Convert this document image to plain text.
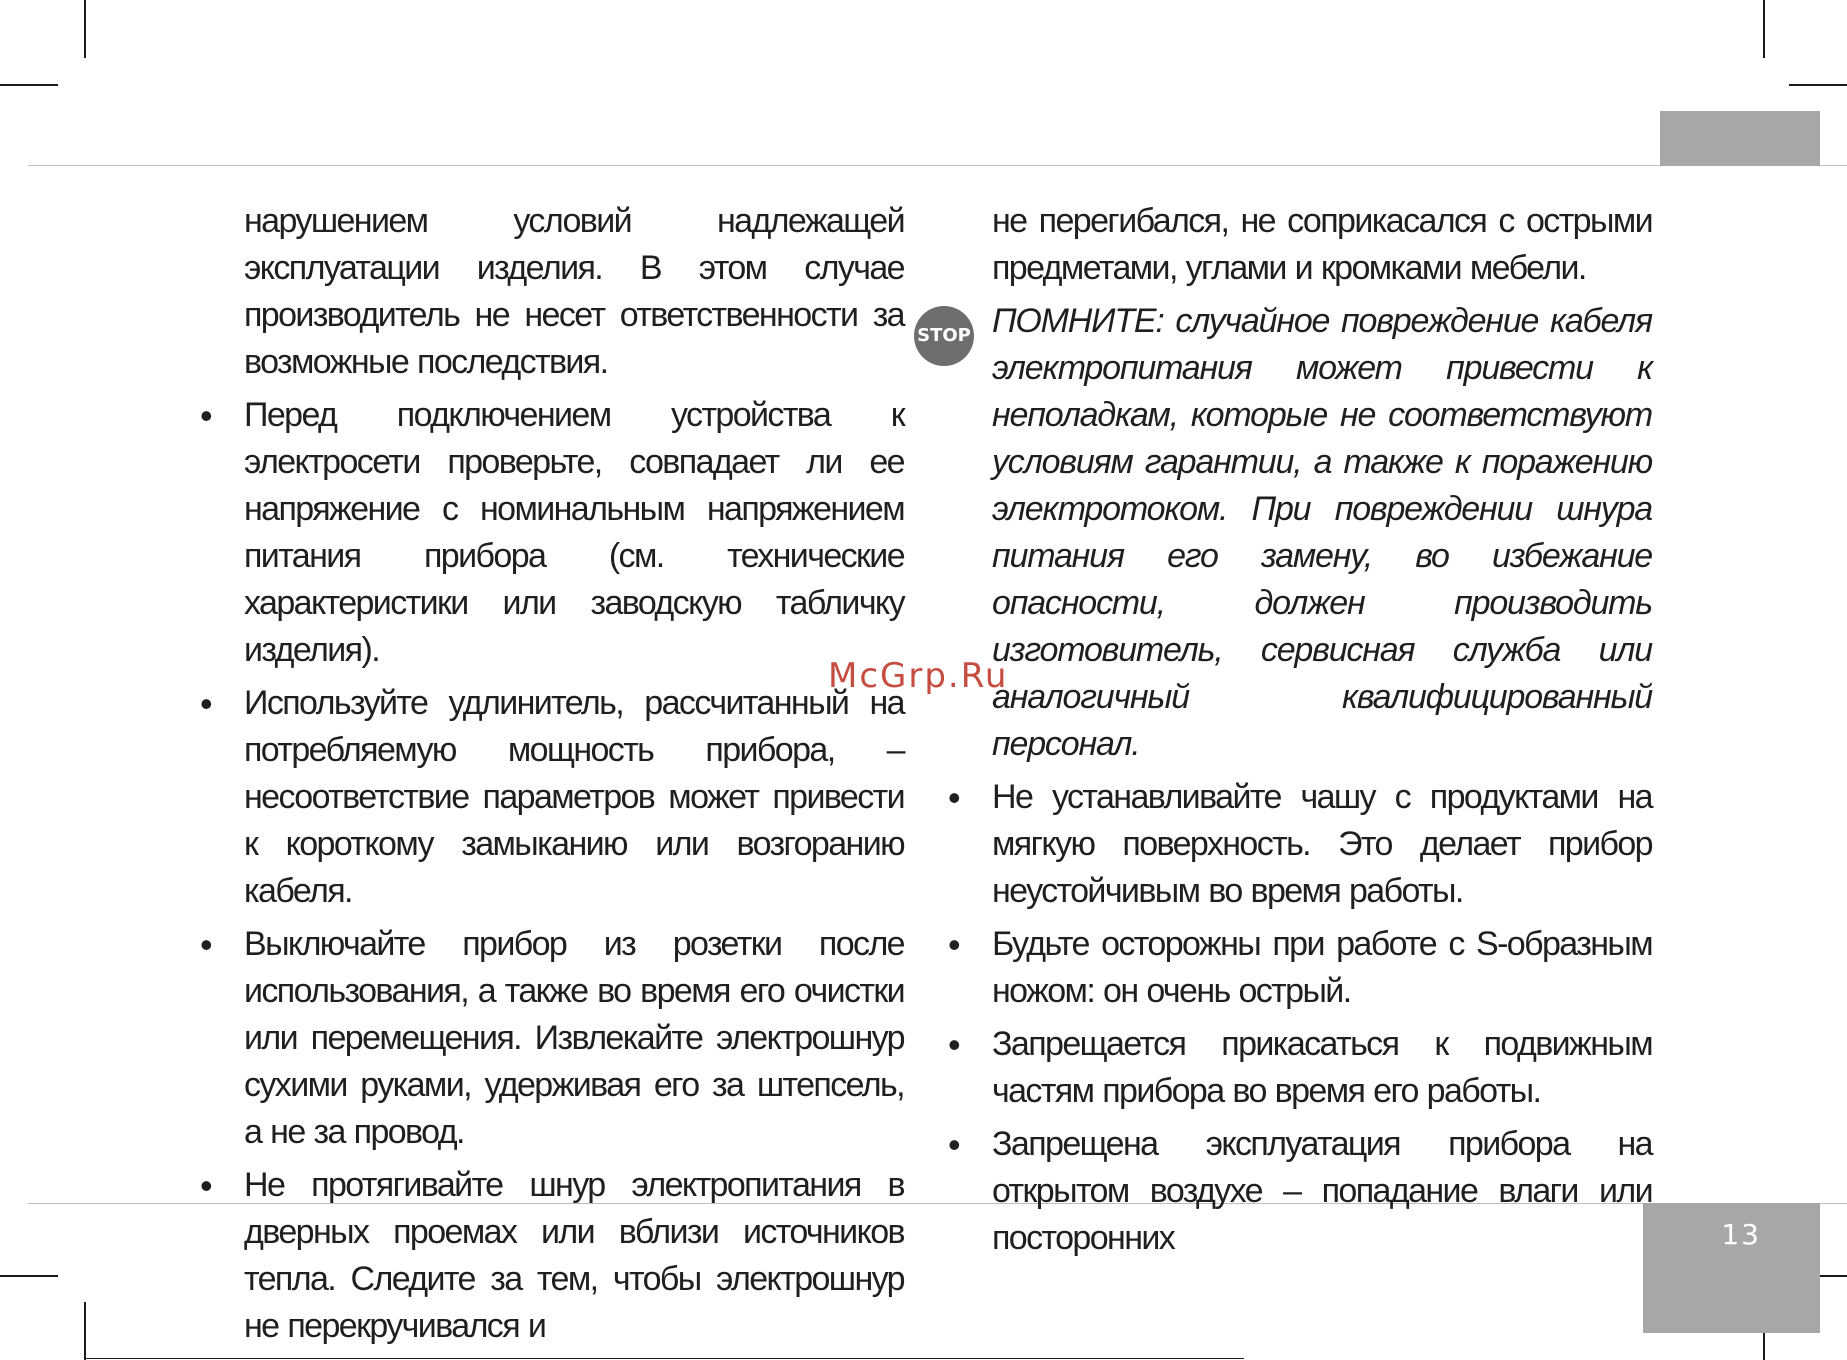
13

нарушением условий надлежащей эксплуатации изделия. В этом случае производитель не несет ответственности за возможные последствия.

• Перед подключением устройства к электросети проверьте, совпадает ли ее напряжение с номинальным напряжением питания прибора (см. технические характеристики или заводскую табличку изделия).

• Используйте удлинитель, рассчитанный на потребляемую мощность прибора, – несоответствие параметров может привести к короткому замыканию или возгоранию кабеля.

• Выключайте прибор из розетки после использования, а также во время его очистки или перемещения. Извлекайте электрошнур сухими руками, удерживая его за штепсель, а не за провод.

• Не протягивайте шнур электропитания в дверных проемах или вблизи источников тепла. Следите за тем, чтобы электрошнур не перекручивался и

не перегибался, не соприкасался с острыми предметами, углами и кромками мебели.

STOP ПОМНИТЕ: случайное повреждение кабеля электропитания может привести к неполадкам, которые не соответствуют условиям гарантии, а также к поражению электротоком. При повреждении шнура питания его замену, во избежание опасности, должен производить изготовитель, сервисная служба или аналогичный квалифицированный персонал.

• Не устанавливайте чашу с продуктами на мягкую поверхность. Это делает прибор неустойчивым во время работы.

• Будьте осторожны при работе с S-образным ножом: он очень острый.

• Запрещается прикасаться к подвижным частям прибора во время его работы.

• Запрещена эксплуатация прибора на открытом воздухе – попадание влаги или посторонних

McGrp.Ru
